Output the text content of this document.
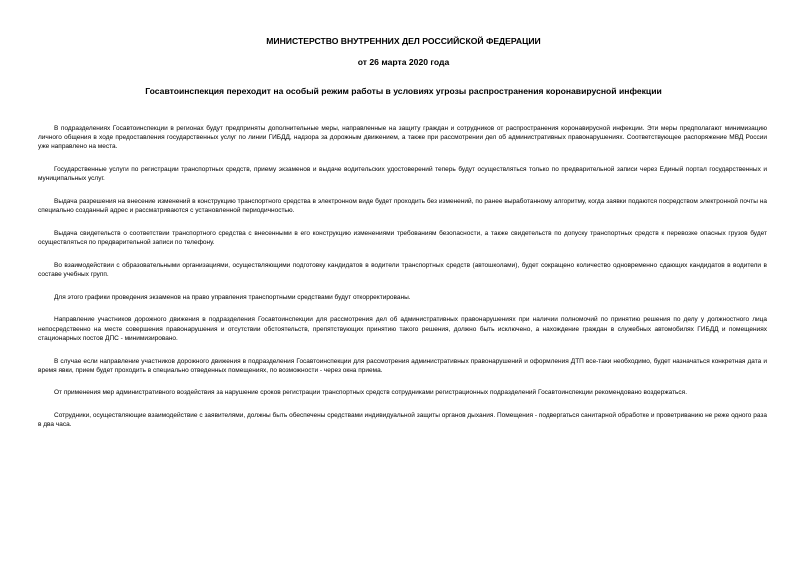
МИНИСТЕРСТВО ВНУТРЕННИХ ДЕЛ РОССИЙСКОЙ ФЕДЕРАЦИИ
от 26 марта 2020 года
Госавтоинспекция переходит на особый режим работы в условиях угрозы распространения коронавирусной инфекции

В подразделениях Госавтоинспекции в регионах будут предприняты дополнительные меры, направленные на защиту граждан и сотрудников от распространения коронавирусной инфекции. Эти меры предполагают минимизацию личного общения в ходе предоставления государственных услуг по линии ГИБДД, надзора за дорожным движением, а также при рассмотрении дел об административных правонарушениях. Соответствующее распоряжение МВД России уже направлено на места.

Государственные услуги по регистрации транспортных средств, приему экзаменов и выдаче водительских удостоверений теперь будут осуществляться только по предварительной записи через Единый портал государственных и муниципальных услуг.

Выдача разрешения на внесение изменений в конструкцию транспортного средства в электронном виде будет проходить без изменений, по ранее выработанному алгоритму, когда заявки подаются посредством электронной почты на специально созданный адрес и рассматриваются с установленной периодичностью.

Выдача свидетельств о соответствии транспортного средства с внесенными в его конструкцию изменениями требованиям безопасности, а также свидетельств по допуску транспортных средств к перевозке опасных грузов будет осуществляться по предварительной записи по телефону.

Во взаимодействии с образовательными организациями, осуществляющими подготовку кандидатов в водители транспортных средств (автошколами), будет сокращено количество одновременно сдающих кандидатов в водители в составе учебных групп.

Для этого графики проведения экзаменов на право управления транспортными средствами будут откорректированы.

Направление участников дорожного движения в подразделения Госавтоинспекции для рассмотрения дел об административных правонарушениях при наличии полномочий по принятию решения по делу у должностного лица непосредственно на месте совершения правонарушения и отсутствии обстоятельств, препятствующих принятию такого решения, должно быть исключено, а нахождение граждан в служебных автомобилях ГИБДД и помещениях стационарных постов ДПС - минимизировано.

В случае если направление участников дорожного движения в подразделения Госавтоинспекции для рассмотрения административных правонарушений и оформления ДТП все-таки необходимо, будет назначаться конкретная дата и время явки, прием будет проходить в специально отведенных помещениях, по возможности - через окна приема.

От применения мер административного воздействия за нарушение сроков регистрации транспортных средств сотрудниками регистрационных подразделений Госавтоинспекции рекомендовано воздержаться.

Сотрудники, осуществляющие взаимодействие с заявителями, должны быть обеспечены средствами индивидуальной защиты органов дыхания. Помещения - подвергаться санитарной обработке и проветриванию не реже одного раза в два часа.
